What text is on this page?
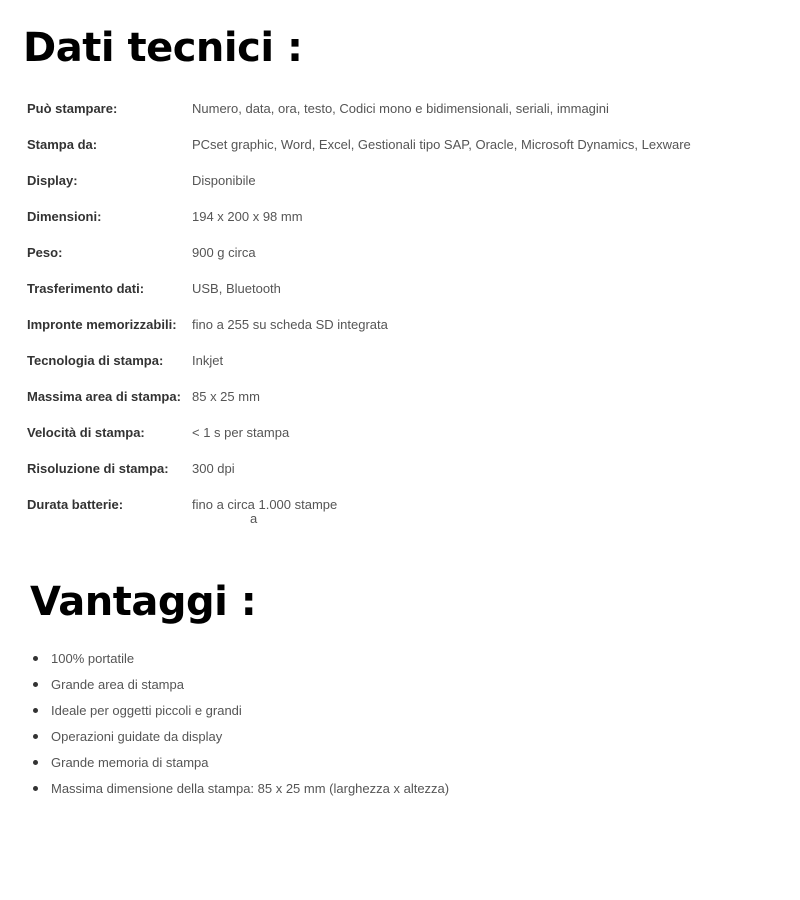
Dati tecnici :
Può stampare:	Numero, data, ora, testo, Codici mono e bidimensionali, seriali, immagini
Stampa da:	PCset graphic, Word, Excel, Gestionali tipo SAP, Oracle, Microsoft Dynamics, Lexware
Display:	Disponibile
Dimensioni:	194 x 200 x 98 mm
Peso:	900 g circa
Trasferimento dati:	USB, Bluetooth
Impronte memorizzabili:	fino a 255 su scheda SD integrata
Tecnologia di stampa:	Inkjet
Massima area di stampa: 85 x 25 mm
Velocità di stampa:	< 1 s per stampa
Risoluzione di stampa:	300 dpi
Durata batterie:	fino a circa 1.000 stampe
a
Vantaggi :
100% portatile
Grande area di stampa
Ideale per oggetti piccoli e grandi
Operazioni guidate da display
Grande memoria di stampa
Massima dimensione della stampa: 85 x 25 mm (larghezza x altezza)
